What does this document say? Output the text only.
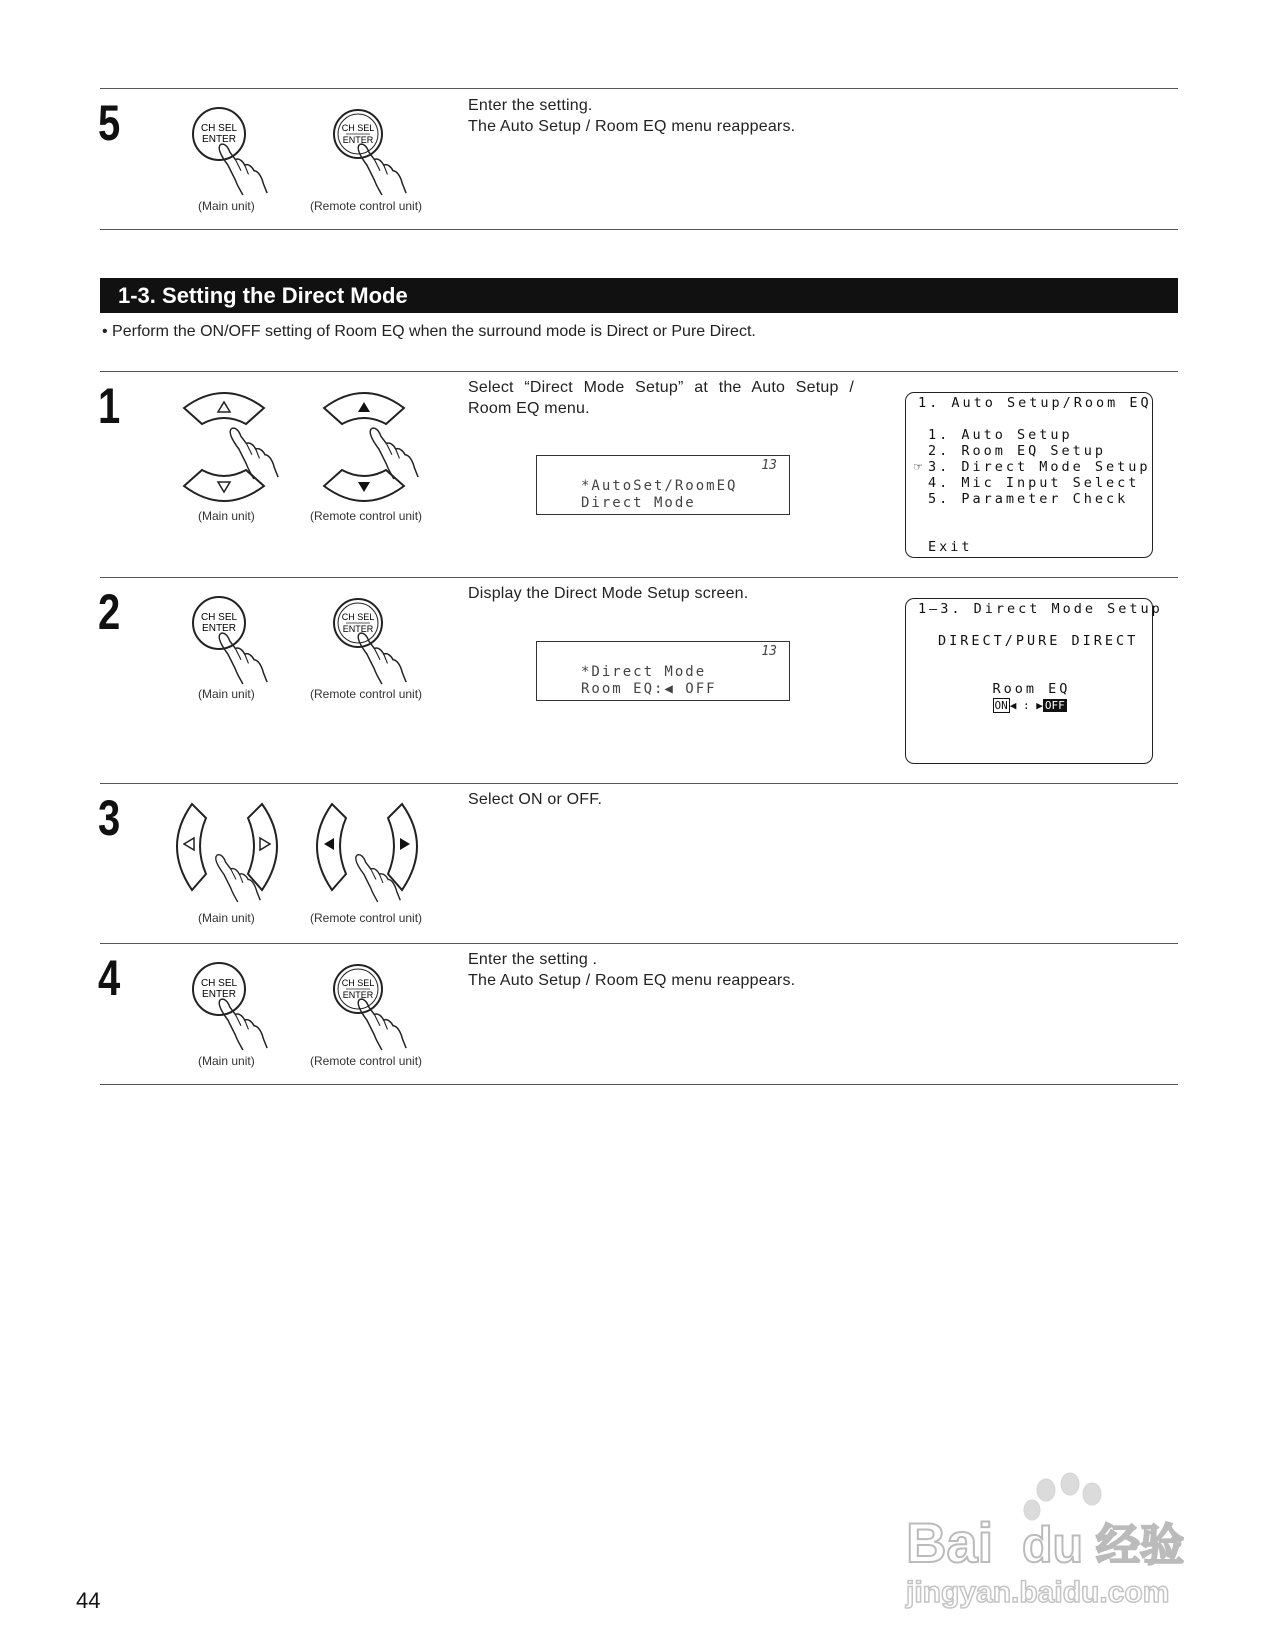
5	CH SEL
ENTER
CH SEL
ENTER
(Main unit)	(Remote control unit)
Enter the setting.
The Auto Setup / Room EQ menu reappears.
1-3. Setting the Direct Mode
• Perform the ON/OFF setting of Room EQ when the surround mode is Direct or Pure Direct.
1
(Main unit)	(Remote control unit)
Select “Direct Mode Setup” at the Auto Setup /
Room EQ menu.
13
*AutoSet/RoomEQ
Direct Mode
1. Auto Setup/Room EQ
1. Auto Setup
2. Room EQ Setup
☞ 3. Direct Mode Setup
4. Mic Input Select
5. Parameter Check
Exit
2	CH SEL
ENTER
CH SEL
ENTER
(Main unit)	(Remote control unit)
Display the Direct Mode Setup screen.
13
*Direct Mode
Room EQ:◀ OFF
1—3. Direct Mode Setup
DIRECT/PURE DIRECT

Room EQ
ON ◀ : ▶ OFF

3
(Main unit)	(Remote control unit)
Select ON or OFF.
4	CH SEL
ENTER
CH SEL
ENTER
(Main unit)	(Remote control unit)
Enter the setting .
The Auto Setup / Room EQ menu reappears.
44
Bai du 经验
jingyan.baidu.com
